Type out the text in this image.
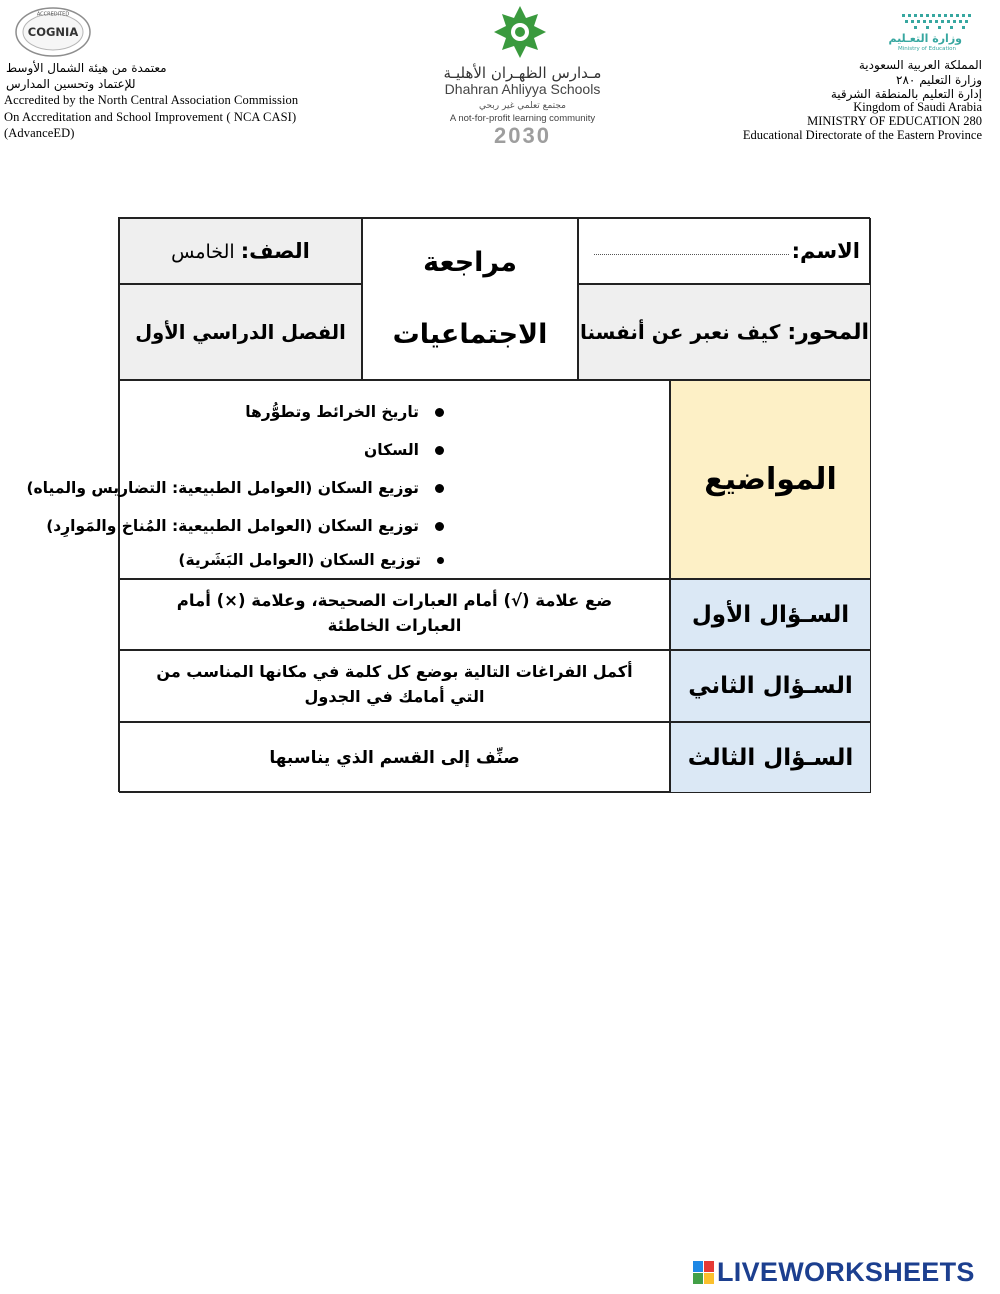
ACCREDITED
COGNIA
معتمدة من هيئة الشمال الأوسط
للإعتماد وتحسين المدارس
Accredited by the North Central Association Commission
On Accreditation and School Improvement ( NCA CASI)
(AdvanceED)
مـدارس الظهـران الأهليـة
Dhahran Ahliyya Schools
مجتمع تعلمي غير ربحي
A not-for-profit learning community
2030
وزارة التعـليم
Ministry of Education
المملكة العربية السعودية
وزارة التعليم ٢٨٠
إدارة التعليم بالمنطقة الشرقية
Kingdom of Saudi Arabia
MINISTRY OF EDUCATION 280
Educational Directorate of the Eastern Province
الاسم:
مراجعة
الاجتماعيات
الصف: الخامس
المحور: كيف نعبر عن أنفسنا
الفصل الدراسي الأول
المواضيع
تاريخ الخرائط وتطوُّرها
السكان
توزيع السكان (العوامل الطبيعية: التضاريس والمياه)
توزيع السكان (العوامل الطبيعية: المُناخ والمَوارِد)
توزيع السكان (العوامل البَشَرية)
السـؤال الأول
ضع علامة (√) أمام العبارات الصحيحة، وعلامة (×) أمام
العبارات الخاطئة
السـؤال الثاني
أكمل الفراغات التالية بوضع كل كلمة في مكانها المناسب من
التي أمامك في الجدول
السـؤال الثالث
صنِّف إلى القسم الذي يناسبها
LIVEWORKSHEETS
